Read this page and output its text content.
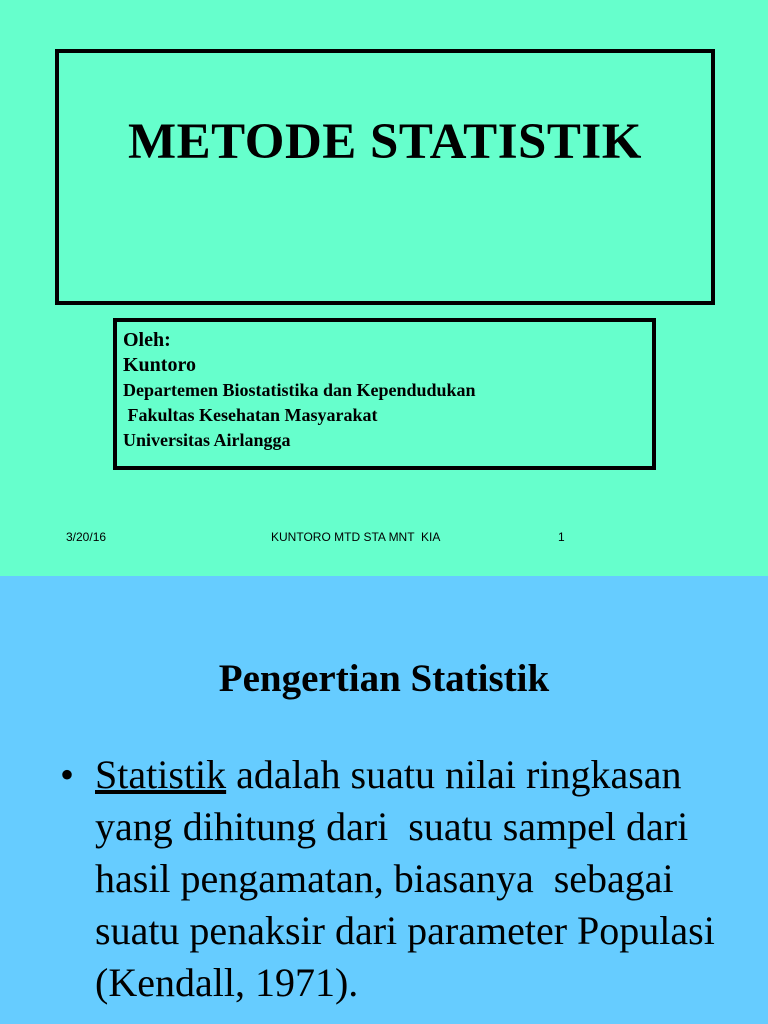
METODE STATISTIK
Oleh:
Kuntoro
Departemen Biostatistika dan Kependudukan
Fakultas Kesehatan Masyarakat
Universitas Airlangga
3/20/16	KUNTORO MTD STA MNT  KIA	1
Pengertian Statistik
• Statistik adalah suatu nilai ringkasan yang dihitung dari  suatu sampel dari hasil pengamatan, biasanya  sebagai suatu penaksir dari parameter Populasi (Kendall, 1971).
